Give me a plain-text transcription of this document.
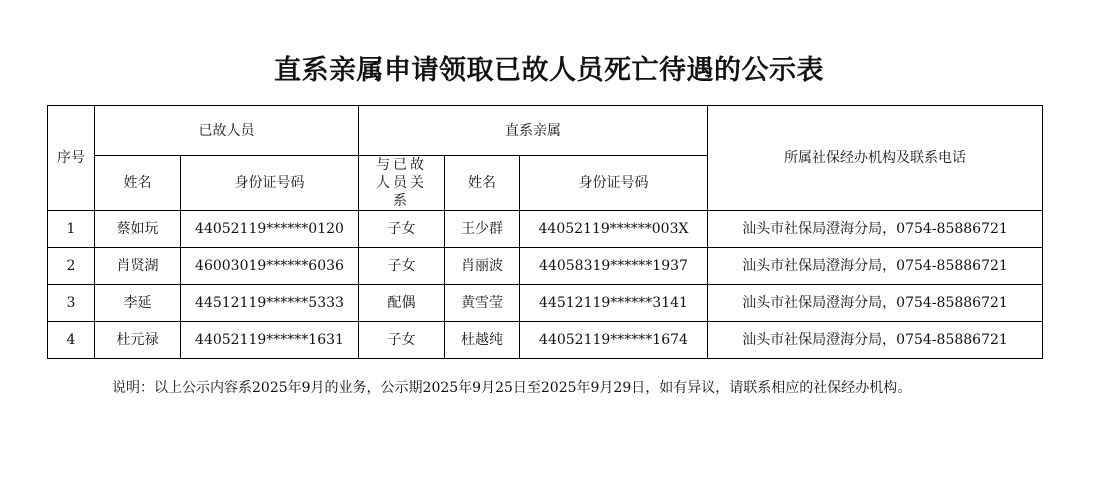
直系亲属申请领取已故人员死亡待遇的公示表
序号	已故人员		直系亲属			所属社保经办机构及联系电话
	姓名	身份证号码	与已故人员关系	姓名	身份证号码	
1	蔡如玩	44052119******0120	子女	王少群	44052119******003X	汕头市社保局澄海分局，0754-85886721
2	肖贤湖	46003019******6036	子女	肖丽波	44058319******1937	汕头市社保局澄海分局，0754-85886721
3	李延	44512119******5333	配偶	黄雪莹	44512119******3141	汕头市社保局澄海分局，0754-85886721
4	杜元禄	44052119******1631	子女	杜越纯	44052119******1674	汕头市社保局澄海分局，0754-85886721
说明：以上公示内容系2025年9月的业务，公示期2025年9月25日至2025年9月29日，如有异议，请联系相应的社保经办机构。
